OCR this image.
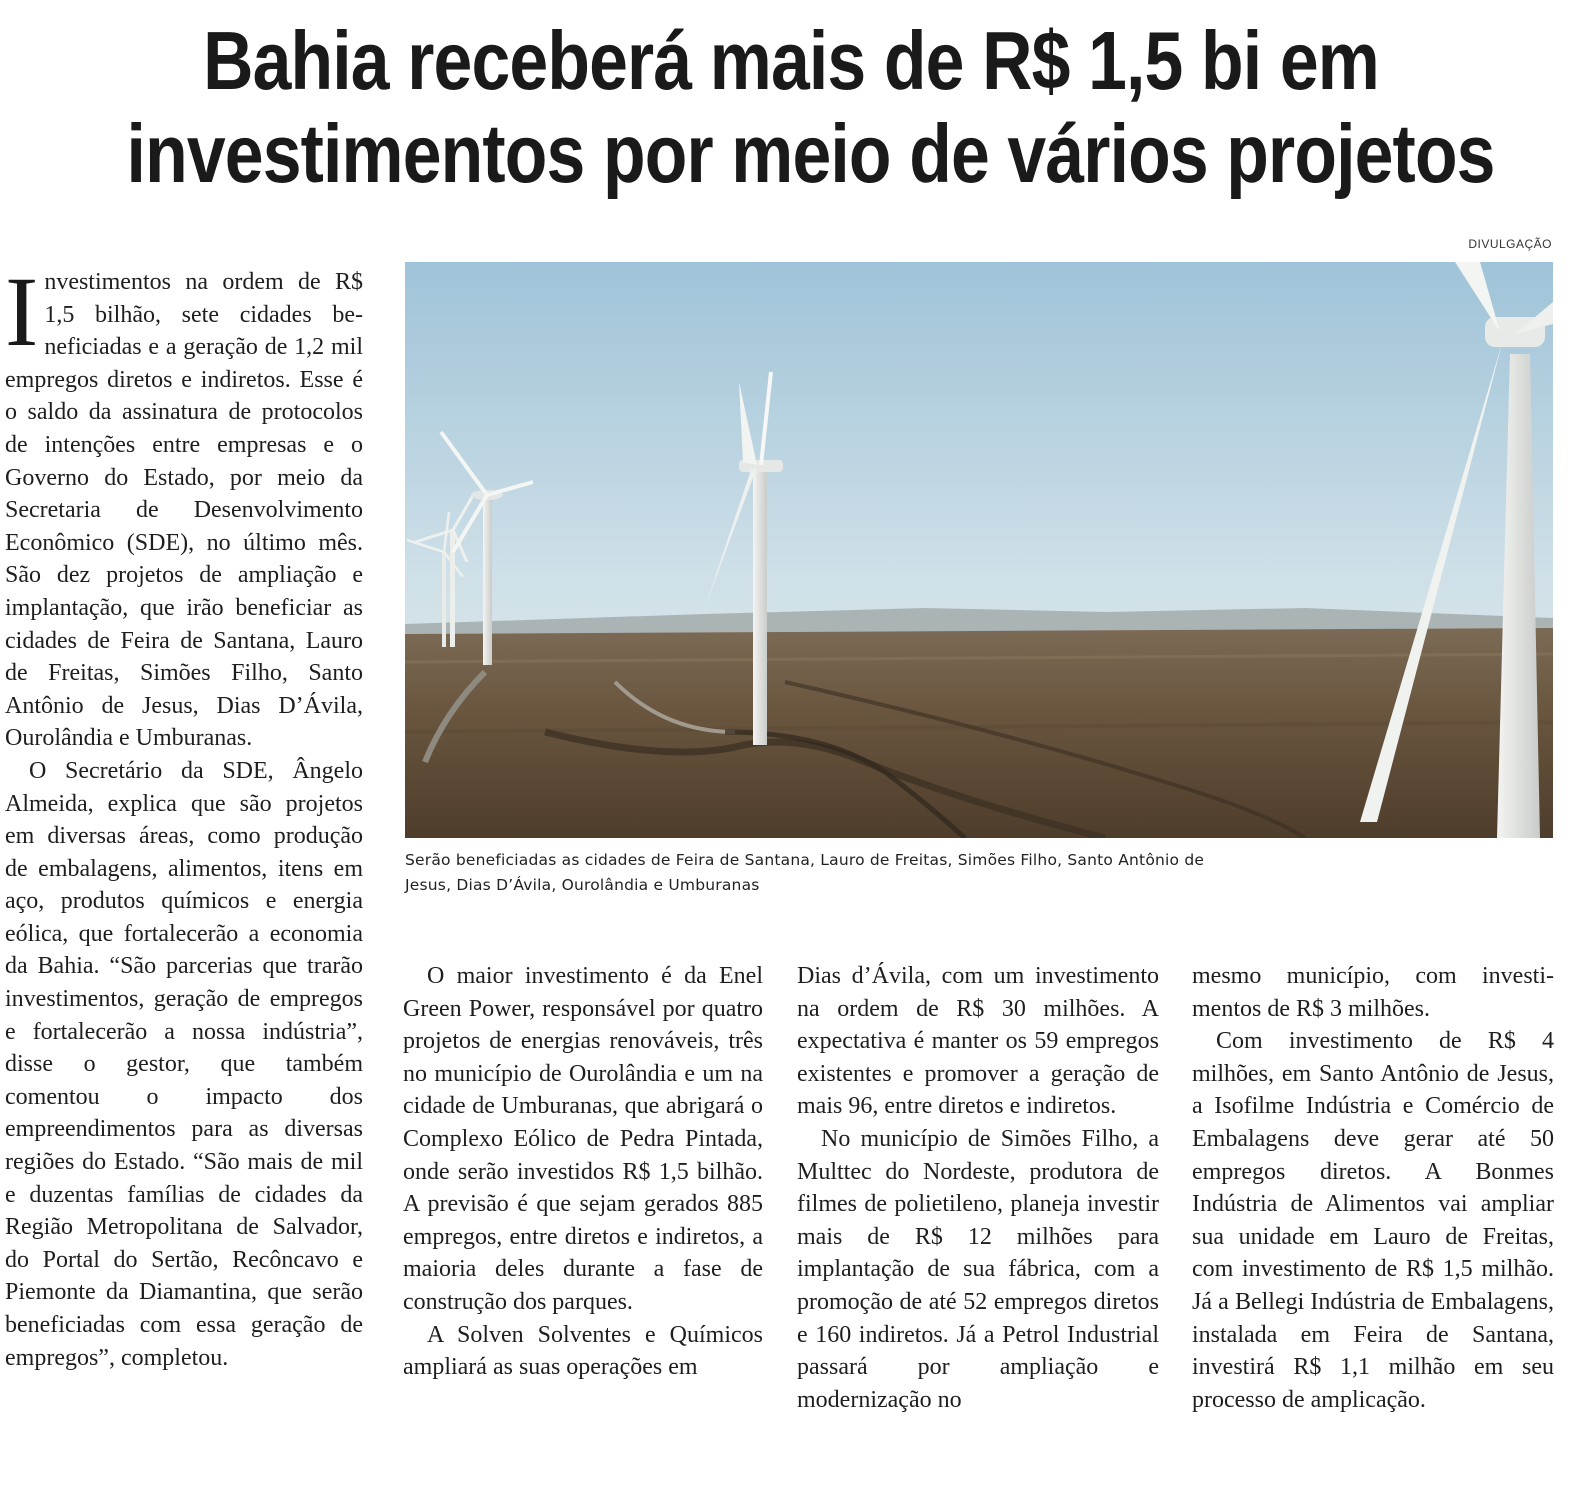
Bahia receberá mais de R$ 1,5 bi em
investimentos por meio de vários projetos
DIVULGAÇÃO

Serão beneficiadas as cidades de Feira de Santana, Lauro de Freitas, Simões Filho, Santo Antônio de Jesus, Dias D’Ávila, Ourolândia e Umburanas

Investimentos na ordem de R$ 1,5 bilhão, sete cidades beneficiadas e a geração de 1,2 mil empregos diretos e indiretos. Esse é o saldo da assinatura de protocolos de intenções entre empresas e o Governo do Estado, por meio da Secretaria de Desenvolvimento Econômico (SDE), no último mês. São dez projetos de ampliação e implantação, que irão beneficiar as cidades de Feira de Santana, Lauro de Freitas, Simões Filho, Santo Antônio de Jesus, Dias D’Ávila, Ourolândia e Umburanas.

O Secretário da SDE, Ângelo Almeida, explica que são projetos em diversas áreas, como produção de embalagens, alimentos, itens em aço, produtos químicos e energia eólica, que fortalecerão a economia da Bahia. “São parcerias que trarão investimentos, geração de empregos e fortalecerão a nossa indústria”, disse o gestor, que também comentou o impacto dos empreendimentos para as diversas regiões do Estado. “São mais de mil e duzentas famílias de cidades da Região Metropolitana de Salvador, do Portal do Sertão, Recôncavo e Piemonte da Diamantina, que serão beneficiadas com essa geração de empregos”, completou.

O maior investimento é da Enel Green Power, responsável por quatro projetos de energias renováveis, três no município de Ourolândia e um na cidade de Umburanas, que abrigará o Complexo Eólico de Pedra Pintada, onde serão investidos R$ 1,5 bilhão. A previsão é que sejam gerados 885 empregos, entre diretos e indiretos, a maioria deles durante a fase de construção dos parques.

A Solven Solventes e Químicos ampliará as suas operações em

Dias d’Ávila, com um investimento na ordem de R$ 30 milhões. A expectativa é manter os 59 empregos existentes e promover a geração de mais 96, entre diretos e indiretos.

No município de Simões Filho, a Multtec do Nordeste, produtora de filmes de polietileno, planeja investir mais de R$ 12 milhões para implantação de sua fábrica, com a promoção de até 52 empregos diretos e 160 indiretos. Já a Petrol Industrial passará por ampliação e modernização no

mesmo município, com investimentos de R$ 3 milhões.

Com investimento de R$ 4 milhões, em Santo Antônio de Jesus, a Isofilme Indústria e Comércio de Embalagens deve gerar até 50 empregos diretos. A Bonmes Indústria de Alimentos vai ampliar sua unidade em Lauro de Freitas, com investimento de R$ 1,5 milhão. Já a Bellegi Indústria de Embalagens, instalada em Feira de Santana, investirá R$ 1,1 milhão em seu processo de amplicação.
